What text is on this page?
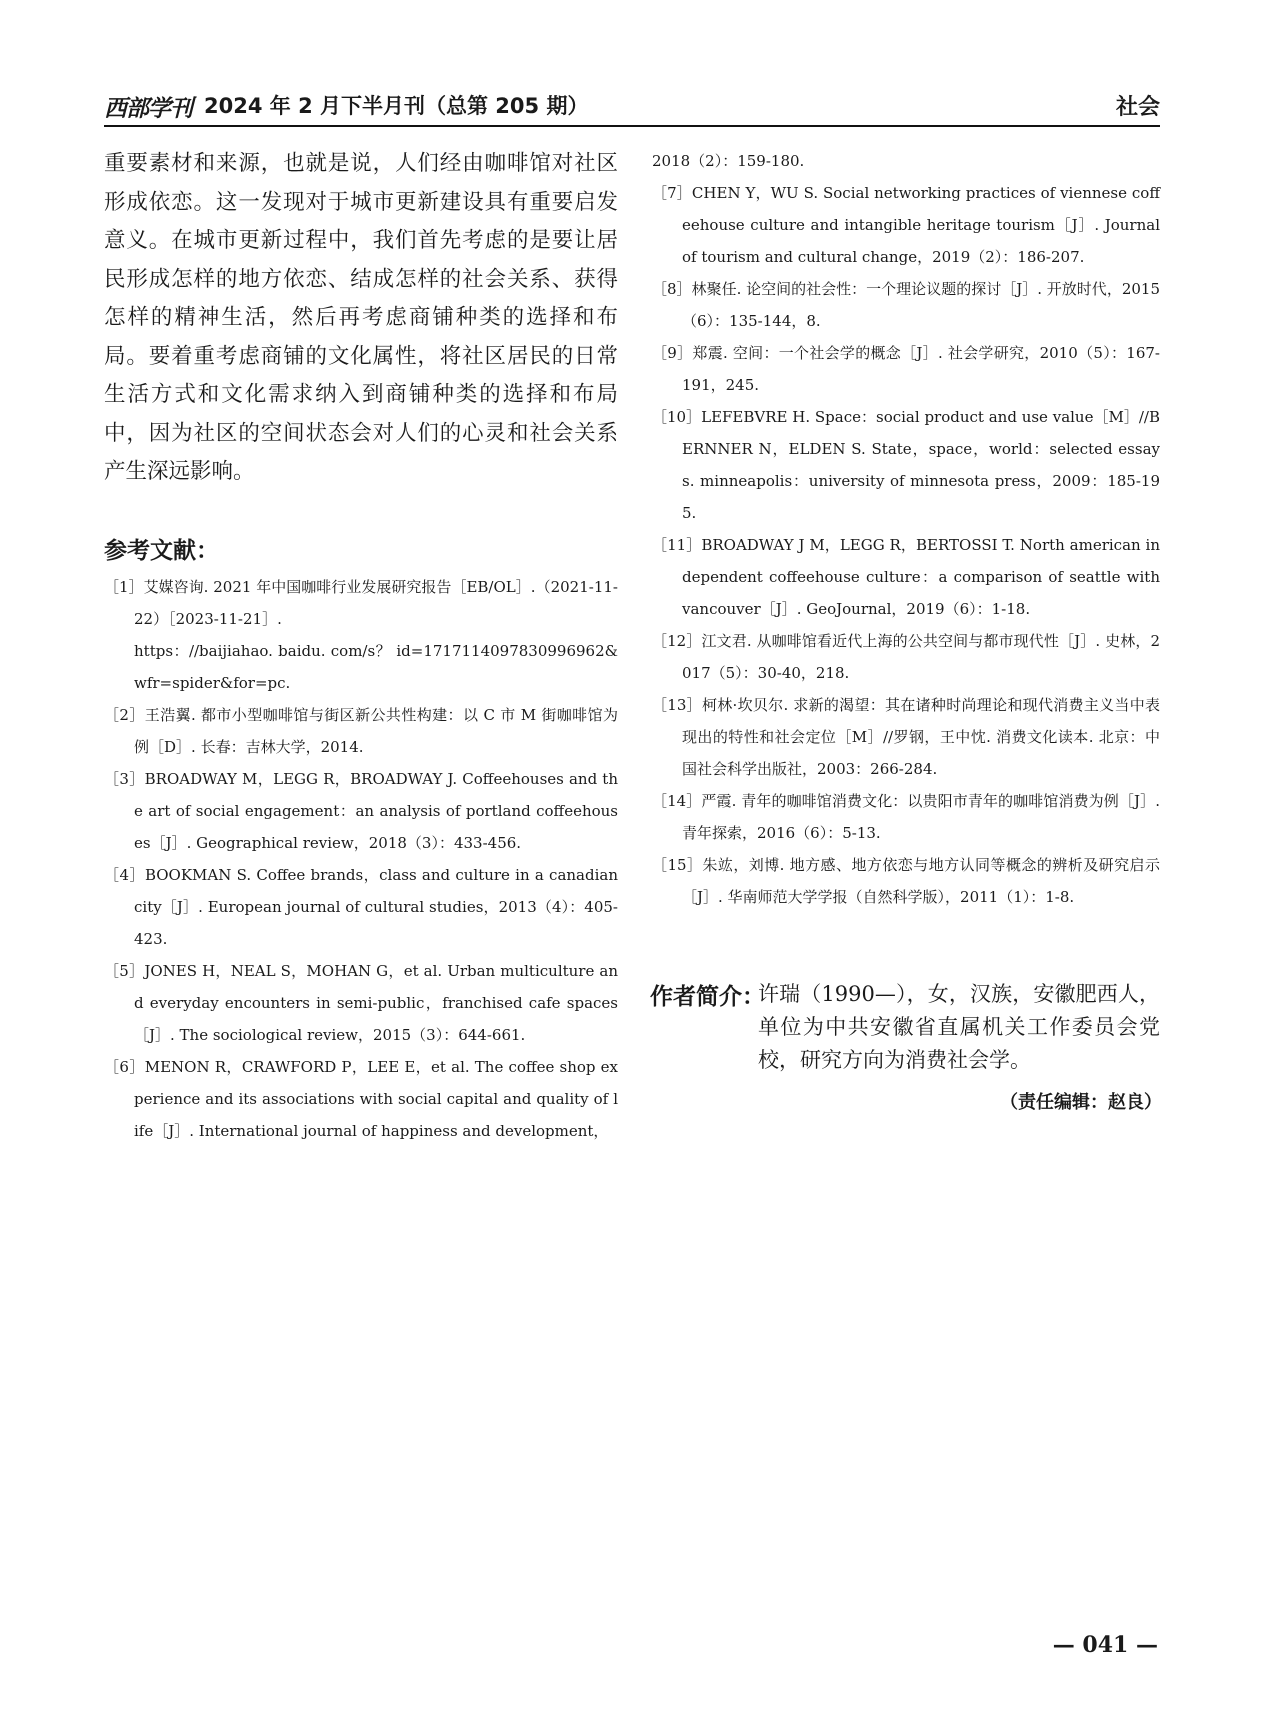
西部学刊 2024 年 2 月下半月刊（总第 205 期）	社会

重要素材和来源，也就是说，人们经由咖啡馆对社区形成依恋。这一发现对于城市更新建设具有重要启发意义。在城市更新过程中，我们首先考虑的是要让居民形成怎样的地方依恋、结成怎样的社会关系、获得怎样的精神生活，然后再考虑商铺种类的选择和布局。要着重考虑商铺的文化属性，将社区居民的日常生活方式和文化需求纳入到商铺种类的选择和布局中，因为社区的空间状态会对人们的心灵和社会关系产生深远影响。

参考文献：

［1］艾媒咨询. 2021 年中国咖啡行业发展研究报告［EB/OL］.（2021-11-22）［2023-11-21］.

https：//baijiahao. baidu. com/s？ id=1717114097830996962&wfr=spider&for=pc.

［2］王浩翼. 都市小型咖啡馆与街区新公共性构建：以 C 市 M 街咖啡馆为例［D］. 长春：吉林大学，2014.

［3］BROADWAY M，LEGG R，BROADWAY J. Coffeehouses and the art of social engagement：an analysis of portland coffeehouses［J］. Geographical review，2018（3）：433-456.

［4］BOOKMAN S. Coffee brands，class and culture in a canadian city［J］. European journal of cultural studies，2013（4）：405-423.

［5］JONES H，NEAL S，MOHAN G，et al. Urban multiculture and everyday encounters in semi-public，franchised cafe spaces［J］. The sociological review，2015（3）：644-661.

［6］MENON R，CRAWFORD P，LEE E，et al. The coffee shop experience and its associations with social capital and quality of life［J］. International journal of happiness and development，

2018（2）：159-180.

［7］CHEN Y，WU S. Social networking practices of viennese coffeehouse culture and intangible heritage tourism［J］. Journal of tourism and cultural change，2019（2）：186-207.

［8］林聚任. 论空间的社会性：一个理论议题的探讨［J］. 开放时代，2015（6）：135-144，8.

［9］郑震. 空间：一个社会学的概念［J］. 社会学研究，2010（5）：167-191，245.

［10］LEFEBVRE H. Space：social product and use value［M］//BERNNER N，ELDEN S. State，space，world：selected essays. minneapolis：university of minnesota press，2009：185-195.

［11］BROADWAY J M，LEGG R，BERTOSSI T. North american independent coffeehouse culture：a comparison of seattle with vancouver［J］. GeoJournal，2019（6）：1-18.

［12］江文君. 从咖啡馆看近代上海的公共空间与都市现代性［J］. 史林，2017（5）：30-40，218.

［13］柯林·坎贝尔. 求新的渴望：其在诸种时尚理论和现代消费主义当中表现出的特性和社会定位［M］//罗钢，王中忱. 消费文化读本. 北京：中国社会科学出版社，2003：266-284.

［14］严霞. 青年的咖啡馆消费文化：以贵阳市青年的咖啡馆消费为例［J］. 青年探索，2016（6）：5-13.

［15］朱竑，刘博. 地方感、地方依恋与地方认同等概念的辨析及研究启示［J］. 华南师范大学学报（自然科学版），2011（1）：1-8.

作者简介：
许瑞（1990—），女，汉族，安徽肥西人，单位为中共安徽省直属机关工作委员会党校，研究方向为消费社会学。
（责任编辑：赵良）
— 041 —
